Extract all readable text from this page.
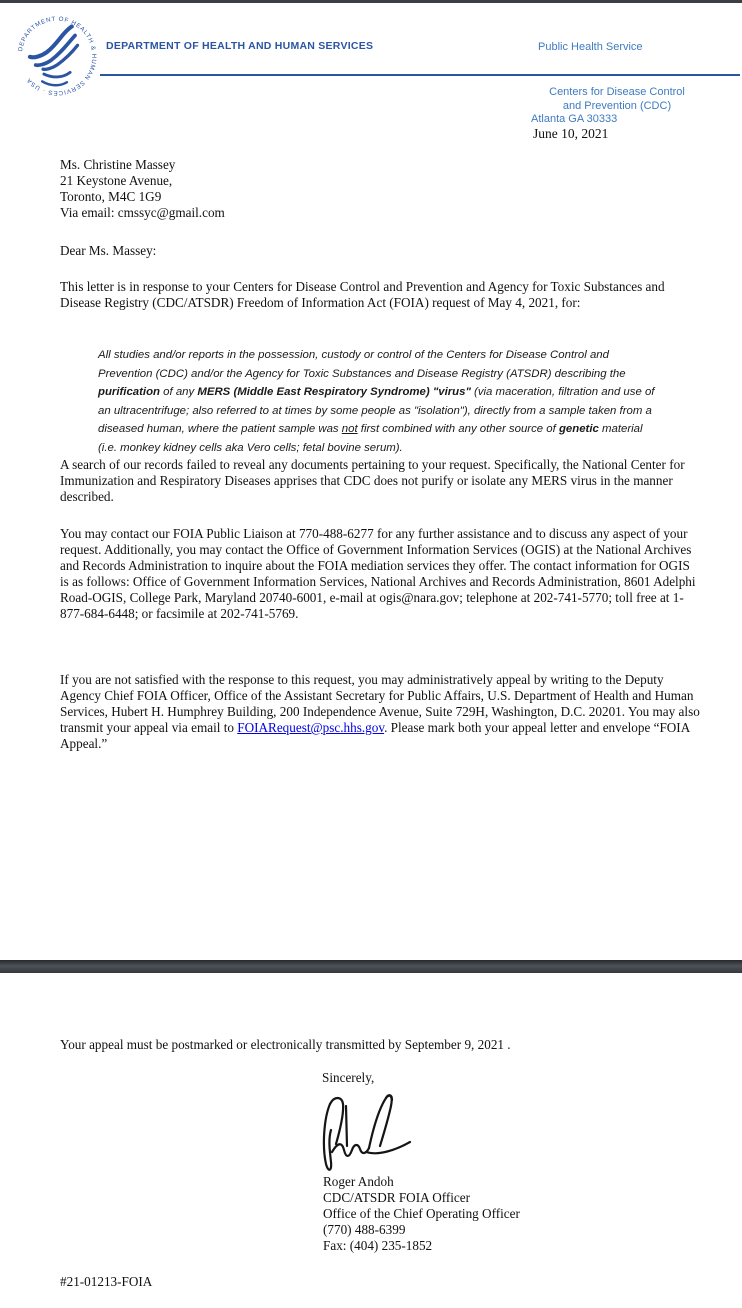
DEPARTMENT OF HEALTH & HUMAN SERVICES · USA
DEPARTMENT OF HEALTH AND HUMAN SERVICES	Public Health Service
Centers for Disease Control
and Prevention (CDC)
Atlanta GA 30333
June 10, 2021
Ms. Christine Massey
21 Keystone Avenue,
Toronto, M4C 1G9
Via email: cmssyc@gmail.com
Dear Ms. Massey:
This letter is in response to your Centers for Disease Control and Prevention and Agency for Toxic Substances and Disease Registry (CDC/ATSDR) Freedom of Information Act (FOIA) request of May 4, 2021, for:
All studies and/or reports in the possession, custody or control of the Centers for Disease Control and Prevention (CDC) and/or the Agency for Toxic Substances and Disease Registry (ATSDR) describing the purification of any MERS (Middle East Respiratory Syndrome) "virus" (via maceration, filtration and use of an ultracentrifuge; also referred to at times by some people as "isolation"), directly from a sample taken from a diseased human, where the patient sample was not first combined with any other source of genetic material (i.e. monkey kidney cells aka Vero cells; fetal bovine serum).
A search of our records failed to reveal any documents pertaining to your request. Specifically, the National Center for Immunization and Respiratory Diseases apprises that CDC does not purify or isolate any MERS virus in the manner described.
You may contact our FOIA Public Liaison at 770-488-6277 for any further assistance and to discuss any aspect of your request. Additionally, you may contact the Office of Government Information Services (OGIS) at the National Archives and Records Administration to inquire about the FOIA mediation services they offer. The contact information for OGIS is as follows: Office of Government Information Services, National Archives and Records Administration, 8601 Adelphi Road-OGIS, College Park, Maryland 20740-6001, e-mail at ogis@nara.gov; telephone at 202-741-5770; toll free at 1-877-684-6448; or facsimile at 202-741-5769.
If you are not satisfied with the response to this request, you may administratively appeal by writing to the Deputy Agency Chief FOIA Officer, Office of the Assistant Secretary for Public Affairs, U.S. Department of Health and Human Services, Hubert H. Humphrey Building, 200 Independence Avenue, Suite 729H, Washington, D.C. 20201. You may also transmit your appeal via email to FOIARequest@psc.hhs.gov. Please mark both your appeal letter and envelope “FOIA Appeal.”
Your appeal must be postmarked or electronically transmitted by September 9, 2021 .
Sincerely,
Roger Andoh
CDC/ATSDR FOIA Officer
Office of the Chief Operating Officer
(770) 488-6399
Fax: (404) 235-1852
#21-01213-FOIA
